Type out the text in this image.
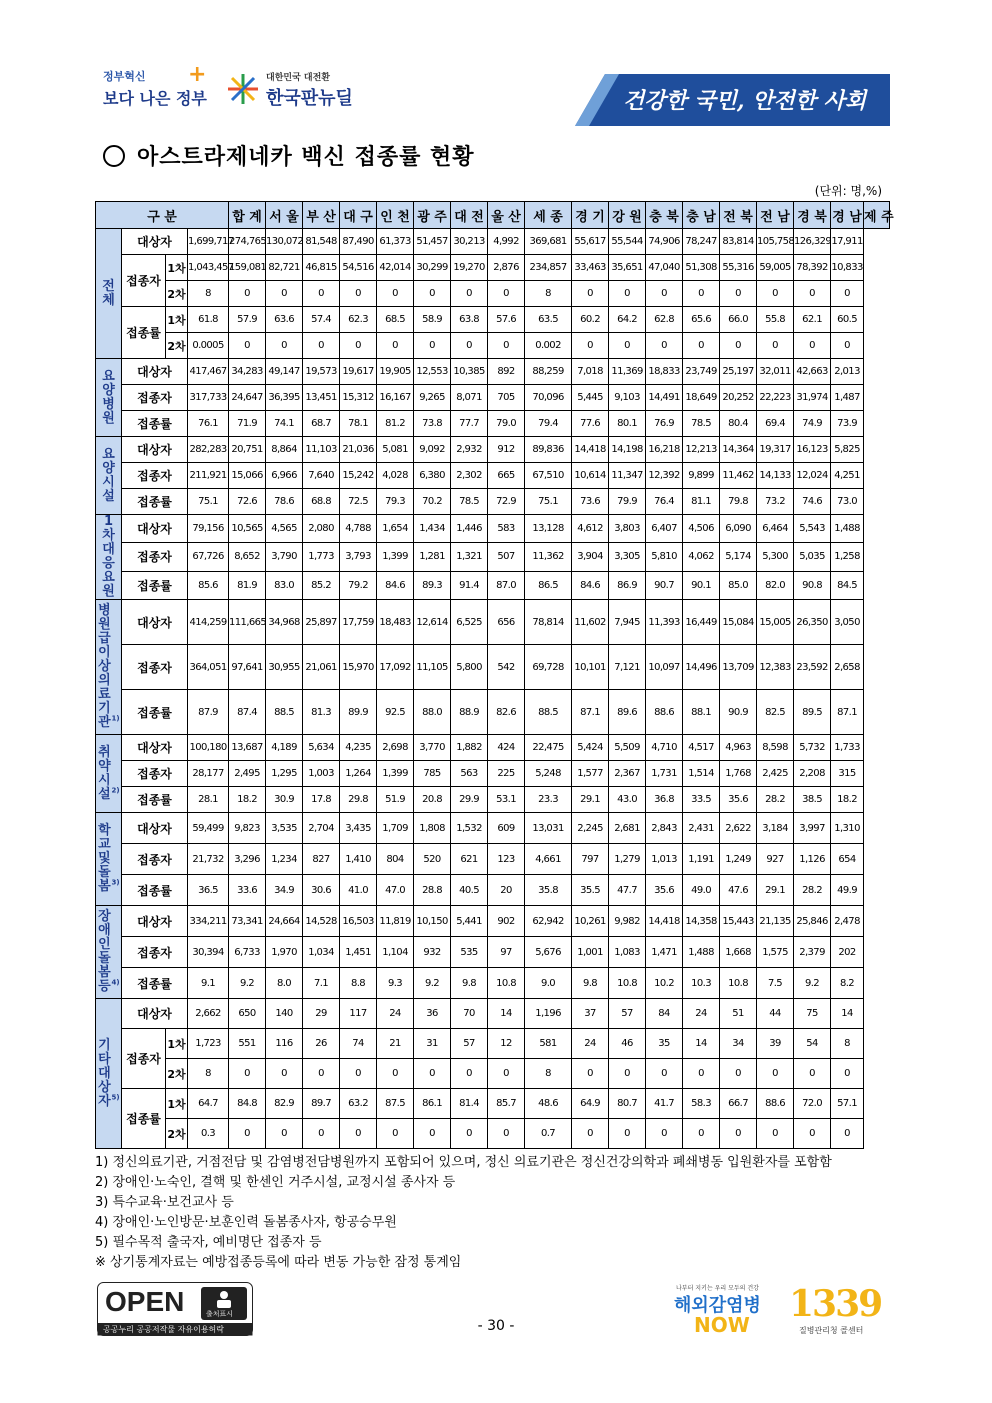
정부혁신
보다 나은 정부
+	대한민국 대전환
한국판뉴딜	건강한 국민, 안전한 사회
아스트라제네카 백신 접종률 현황
(단위: 명,%)
구 분				합 계	서 울	부 산	대 구	인 천	광 주	대 전	울 산	세 종	경 기	강 원	충 북	충 남	전 북	전 남	경 북	경 남	제 주
전체	대상자		1,699,717	274,765	130,072	81,548	87,490	61,373	51,457	30,213	4,992	369,681	55,617	55,544	74,906	78,247	83,814	105,758	126,329	17,911	
	접종자	1차	1,043,457	159,081	82,721	46,815	54,516	42,014	30,299	19,270	2,876	234,857	33,463	35,651	47,040	51,308	55,316	59,005	78,392	10,833	
		2차	8	0	0	0	0	0	0	0	0	8	0	0	0	0	0	0	0	0	
	접종률	1차	61.8	57.9	63.6	57.4	62.3	68.5	58.9	63.8	57.6	63.5	60.2	64.2	62.8	65.6	66.0	55.8	62.1	60.5	
		2차	0.0005	0	0	0	0	0	0	0	0	0.002	0	0	0	0	0	0	0	0	
요양병원	대상자		417,467	34,283	49,147	19,573	19,617	19,905	12,553	10,385	892	88,259	7,018	11,369	18,833	23,749	25,197	32,011	42,663	2,013	
	접종자		317,733	24,647	36,395	13,451	15,312	16,167	9,265	8,071	705	70,096	5,445	9,103	14,491	18,649	20,252	22,223	31,974	1,487	
	접종률		76.1	71.9	74.1	68.7	78.1	81.2	73.8	77.7	79.0	79.4	77.6	80.1	76.9	78.5	80.4	69.4	74.9	73.9	
요양시설	대상자		282,283	20,751	8,864	11,103	21,036	5,081	9,092	2,932	912	89,836	14,418	14,198	16,218	12,213	14,364	19,317	16,123	5,825	
	접종자		211,921	15,066	6,966	7,640	15,242	4,028	6,380	2,302	665	67,510	10,614	11,347	12,392	9,899	11,462	14,133	12,024	4,251	
	접종률		75.1	72.6	78.6	68.8	72.5	79.3	70.2	78.5	72.9	75.1	73.6	79.9	76.4	81.1	79.8	73.2	74.6	73.0	
1차대응요원	대상자		79,156	10,565	4,565	2,080	4,788	1,654	1,434	1,446	583	13,128	4,612	3,803	6,407	4,506	6,090	6,464	5,543	1,488	
	접종자		67,726	8,652	3,790	1,773	3,793	1,399	1,281	1,321	507	11,362	3,904	3,305	5,810	4,062	5,174	5,300	5,035	1,258	
	접종률		85.6	81.9	83.0	85.2	79.2	84.6	89.3	91.4	87.0	86.5	84.6	86.9	90.7	90.1	85.0	82.0	90.8	84.5	
병원급이상의료기관$^{1)}$	대상자		414,259	111,665	34,968	25,897	17,759	18,483	12,614	6,525	656	78,814	11,602	7,945	11,393	16,449	15,084	15,005	26,350	3,050	
	접종자		364,051	97,641	30,955	21,061	15,970	17,092	11,105	5,800	542	69,728	10,101	7,121	10,097	14,496	13,709	12,383	23,592	2,658	
	접종률		87.9	87.4	88.5	81.3	89.9	92.5	88.0	88.9	82.6	88.5	87.1	89.6	88.6	88.1	90.9	82.5	89.5	87.1	
취약시설$^{2)}$	대상자		100,180	13,687	4,189	5,634	4,235	2,698	3,770	1,882	424	22,475	5,424	5,509	4,710	4,517	4,963	8,598	5,732	1,733	
	접종자		28,177	2,495	1,295	1,003	1,264	1,399	785	563	225	5,248	1,577	2,367	1,731	1,514	1,768	2,425	2,208	315	
	접종률		28.1	18.2	30.9	17.8	29.8	51.9	20.8	29.9	53.1	23.3	29.1	43.0	36.8	33.5	35.6	28.2	38.5	18.2	
학교및돌봄$^{3)}$	대상자		59,499	9,823	3,535	2,704	3,435	1,709	1,808	1,532	609	13,031	2,245	2,681	2,843	2,431	2,622	3,184	3,997	1,310	
	접종자		21,732	3,296	1,234	827	1,410	804	520	621	123	4,661	797	1,279	1,013	1,191	1,249	927	1,126	654	
	접종률		36.5	33.6	34.9	30.6	41.0	47.0	28.8	40.5	20	35.8	35.5	47.7	35.6	49.0	47.6	29.1	28.2	49.9	
장애인돌봄등$^{4)}$	대상자		334,211	73,341	24,664	14,528	16,503	11,819	10,150	5,441	902	62,942	10,261	9,982	14,418	14,358	15,443	21,135	25,846	2,478	
	접종자		30,394	6,733	1,970	1,034	1,451	1,104	932	535	97	5,676	1,001	1,083	1,471	1,488	1,668	1,575	2,379	202	
	접종률		9.1	9.2	8.0	7.1	8.8	9.3	9.2	9.8	10.8	9.0	9.8	10.8	10.2	10.3	10.8	7.5	9.2	8.2	
기타대상자$^{5)}$	대상자		2,662	650	140	29	117	24	36	70	14	1,196	37	57	84	24	51	44	75	14	
	접종자	1차	1,723	551	116	26	74	21	31	57	12	581	24	46	35	14	34	39	54	8	
		2차	8	0	0	0	0	0	0	0	0	8	0	0	0	0	0	0	0	0	
	접종률	1차	64.7	84.8	82.9	89.7	63.2	87.5	86.1	81.4	85.7	48.6	64.9	80.7	41.7	58.3	66.7	88.6	72.0	57.1	
		2차	0.3	0	0	0	0	0	0	0	0	0.7	0	0	0	0	0	0	0	0	
1) 정신의료기관, 거점전담 및 감염병전담병원까지 포함되어 있으며, 정신 의료기관은 정신건강의학과 폐쇄병동 입원환자를 포함함
2) 장애인·노숙인, 결핵 및 한센인 거주시설, 교정시설 종사자 등
3) 특수교육·보건교사 등
4) 장애인·노인방문·보훈인력 돌봄종사자, 항공승무원
5) 필수목적 출국자, 예비명단 접종자 등
※ 상기통계자료는 예방접종등록에 따라 변동 가능한 잠정 통계임
OPEN	출처표시
공공누리 공공저작물 자유이용허락	- 30 -
나부터 지키는 우리 모두의 건강
해외감염병
NOW 1339
질병관리청 콜센터
